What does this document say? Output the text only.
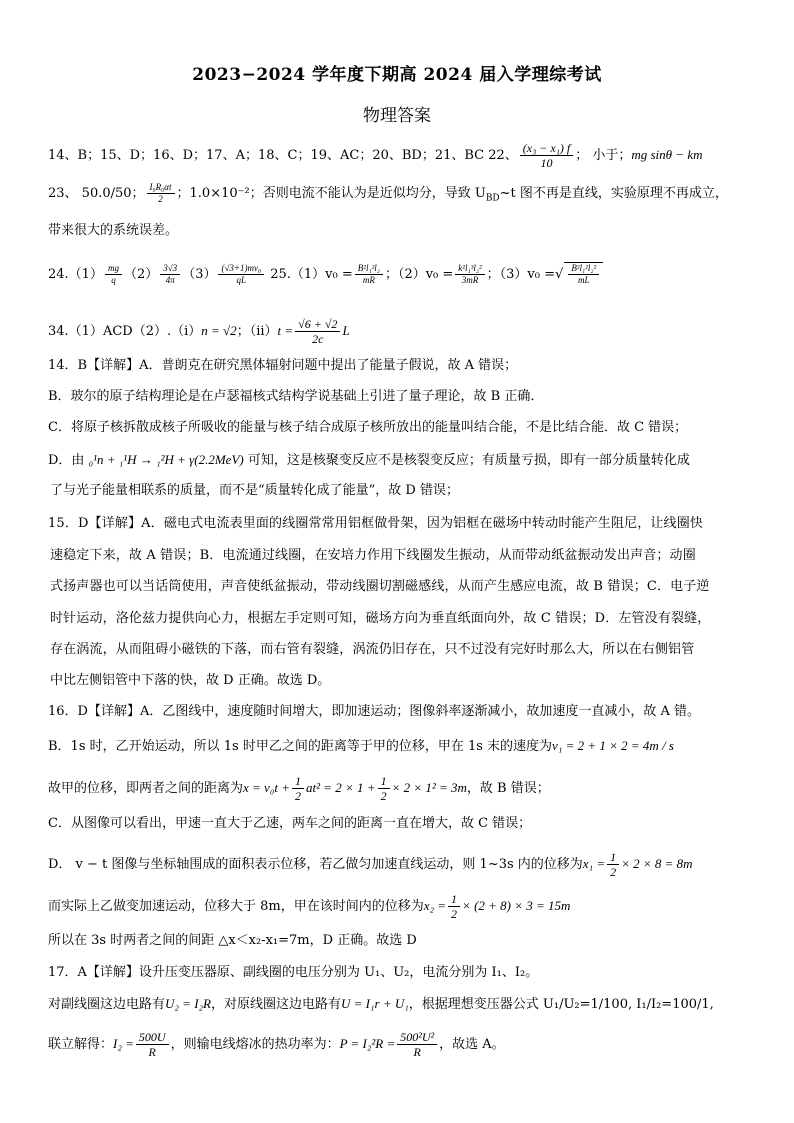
2023−2024 学年度下期高 2024 届入学理综考试
物理答案
14、B；15、D；16、D；17、A；18、C；19、AC；20、BD；21、BC 22、 $\frac{\text{(x₃ − x₁) f}}{10}$ ； 小于；mg sinθ − km
23、 50.0/50； $\frac{\text{I₀R₀αt}}{2}$ ；1.0×10⁻²；否则电流不能认为是近似均分，导致 $U_{BD}\sim t$ 图不再是直线，实验原理不再成立，
带来很大的系统误差。
$24.(1) \frac{mg}{q} (2) \frac{3√3}{4\pi} (3) \frac{\text{(√3+1)mv₀}}{qL} 25.(1)v_0 = \frac{\text{B²l₁²l₂}}{mR}$ ；$(2)v_0 = \frac{\text{k²l₁³l₂²}}{3mR}$ ；（3）v₀ =√ $\frac{\text{B²l₁²l₂²}}{mL}$
34.（1）ACD（2）.（i）n = √2；$(ii)t = \frac{√6 + √2}{2c}$ L
14．B【详解】A．普朗克在研究黑体辐射问题中提出了能量子假说，故 A 错误；
B．玻尔的原子结构理论是在卢瑟福核式结构学说基础上引进了量子理论，故 B 正确．
C．将原子核拆散成核子所吸收的能量与核子结合成原子核所放出的能量叫结合能，不是比结合能．故 C 错误；
D．由 ₀¹n + ₁¹H → ₁²H + γ(2.2MeV) 可知，这是核聚变反应不是核裂变反应；有质量亏损，即有一部分质量转化成
了与光子能量相联系的质量，而不是“质量转化成了能量”，故 D 错误；
15．D【详解】A．磁电式电流表里面的线圈常常用铝框做骨架，因为铝框在磁场中转动时能产生阻尼，让线圈快
速稳定下来，故 A 错误；B．电流通过线圈，在安培力作用下线圈发生振动，从而带动纸盆振动发出声音；动圈
式扬声器也可以当话筒使用，声音使纸盆振动，带动线圈切割磁感线，从而产生感应电流，故 B 错误；C．电子逆
时针运动，洛伦兹力提供向心力，根据左手定则可知，磁场方向为垂直纸面向外，故 C 错误；D．左管没有裂缝，
存在涡流，从而阻碍小磁铁的下落，而右管有裂缝，涡流仍旧存在，只不过没有完好时那么大，所以在右侧铝管
中比左侧铝管中下落的快，故 D 正确。故选 D。
16．D【详解】A．乙图线中，速度随时间增大，即加速运动；图像斜率逐渐减小，故加速度一直减小，故 A 错。
B．1s 时，乙开始运动，所以 1s 时甲乙之间的距离等于甲的位移，甲在 1s 末的速度为v₁ = 2 + 1 × 2 = 4m / s
故甲的位移，即两者之间的距离为$x = v_0t + \frac{1}{2} at^2 = 2 \times 1 + \frac{1}{2} \times 2 \times 1^2 = 3m$，故 B 错误；
C．从图像可以看出，甲速一直大于乙速，两车之间的距离一直在增大，故 C 错误；
D． v − t 图像与坐标轴围成的面积表示位移，若乙做匀加速直线运动，则 1~3s 内的位移为$x_1 = \frac{1}{2} \times 2 \times 8 = 8m$
而实际上乙做变加速运动，位移大于 8m，甲在该时间内的位移为$x_2 = \frac{1}{2} \times (2 + 8) \times 3 = 15m$
所以在 3s 时两者之间的间距 △x＜x₂-x₁=7m，D 正确。故选 D
17．A【详解】设升压变压器原、副线圈的电压分别为 U₁、U₂，电流分别为 I₁、I₂。
对副线圈这边电路有U₂ = I₂R，对原线圈这边电路有U = I₁r + U₁，根据理想变压器公式 U₁/U₂=1/100, I₁/I₂=100/1,
联立解得：$I_2 = \frac{500U}{R}$ ，则输电线熔冰的热功率为：$P = I_2^2R = \frac{\text{500²U²}}{R}$ ，故选 A。
